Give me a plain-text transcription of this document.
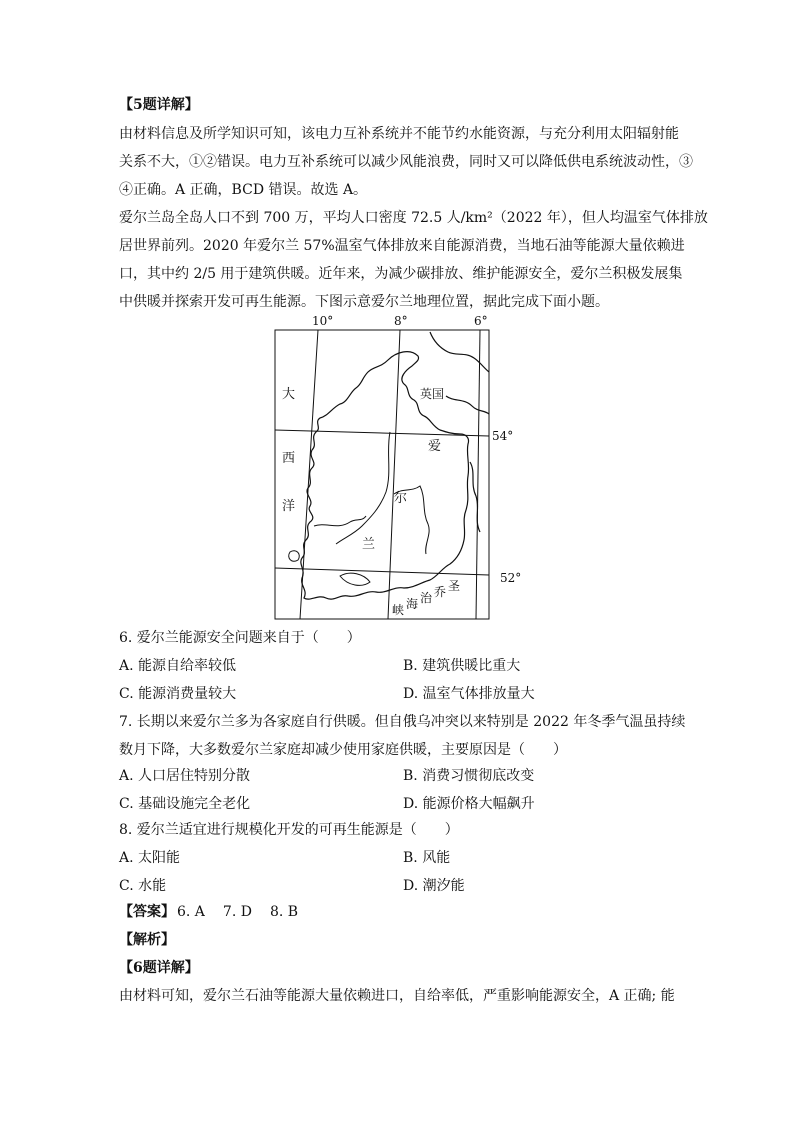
【5题详解】
由材料信息及所学知识可知，该电力互补系统并不能节约水能资源，与充分利用太阳辐射能
关系不大，①②错误。电力互补系统可以减少风能浪费，同时又可以降低供电系统波动性，③
④正确。A 正确，BCD 错误。故选 A。
爱尔兰岛全岛人口不到 700 万，平均人口密度 72.5 人/km²（2022 年），但人均温室气体排放
居世界前列。2020 年爱尔兰 57%温室气体排放来自能源消费，当地石油等能源大量依赖进
口，其中约 2/5 用于建筑供暖。近年来，为减少碳排放、维护能源安全，爱尔兰积极发展集
中供暖并探索开发可再生能源。下图示意爱尔兰地理位置，据此完成下面小题。
10°	8°	6°
54°
52°
大
西
洋
爱
尔
兰
英国
圣
乔
治
海
峡
6. 爱尔兰能源安全问题来自于（　　）
A. 能源自给率较低	B. 建筑供暖比重大
C. 能源消费量较大	D. 温室气体排放量大
7. 长期以来爱尔兰多为各家庭自行供暖。但自俄乌冲突以来特别是 2022 年冬季气温虽持续
数月下降，大多数爱尔兰家庭却减少使用家庭供暖，主要原因是（　　）
A. 人口居住特别分散	B. 消费习惯彻底改变
C. 基础设施完全老化	D. 能源价格大幅飙升
8. 爱尔兰适宜进行规模化开发的可再生能源是（　　）
A. 太阳能	B. 风能
C. 水能	D. 潮汐能
【答案】 6. A 7. D 8. B
【解析】
【6题详解】
由材料可知，爱尔兰石油等能源大量依赖进口，自给率低，严重影响能源安全，A 正确; 能
